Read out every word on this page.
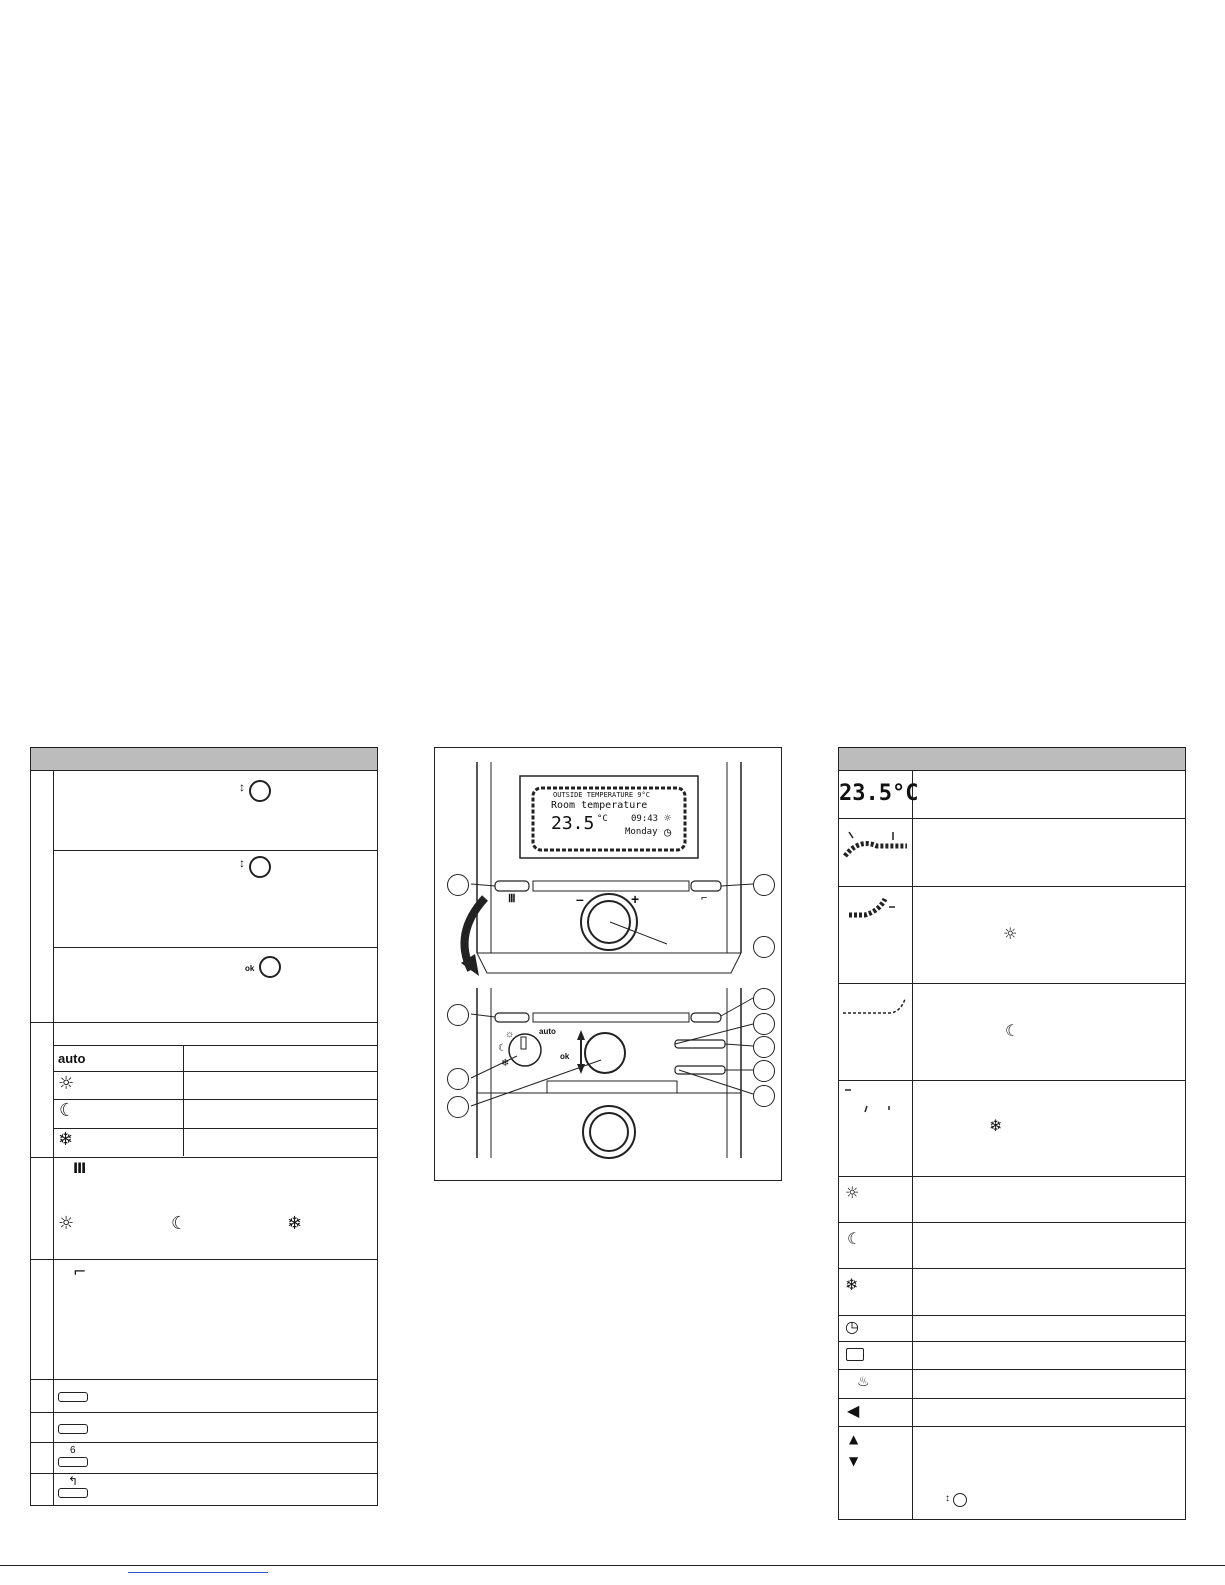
↕
↕
ok
auto
☼
☾
❄
Ⅲ
☼	☾	❄
⌐
6
↰
OUTSIDE TEMPERATURE 9°C
Room temperature
23.5 °C	09:43 ☼
Monday ◷
–	+
Ⅲ	⌐
auto
☼
☾
❄
ok
23.5°C
☼
☾
❄
☼
☾
❄
◷
♨
◀
▲
▼
↕
